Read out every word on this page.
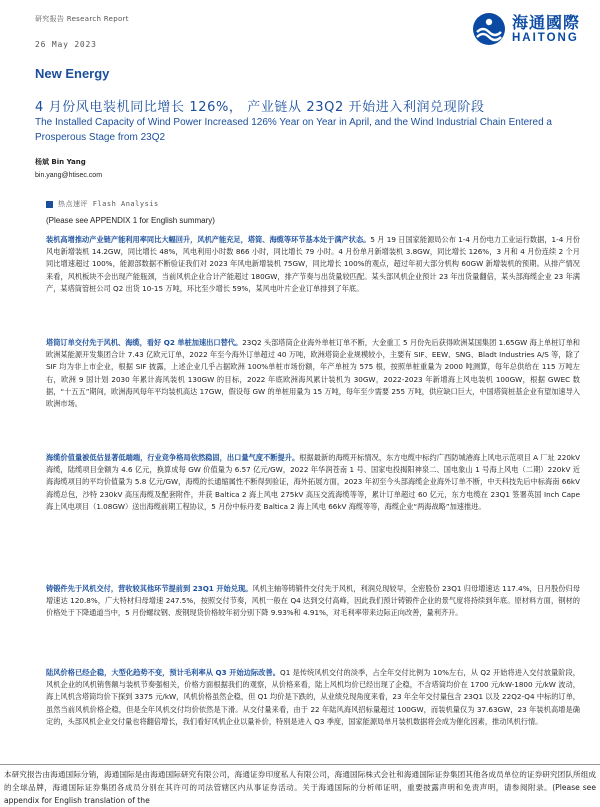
研究报告 Research Report
26 May 2023
海通國際
HAITONG
New Energy
4 月份风电装机同比增长 126%， 产业链从 23Q2 开始进入利润兑现阶段
The Installed Capacity of Wind Power Increased 126% Year on Year in April, and the Wind Industrial Chain Entered a Prosperous Stage from 23Q2
杨斌 Bin Yang
bin.yang@htisec.com
热点速评 Flash Analysis
(Please see APPENDIX 1 for English summary)
装机高增推动产业链产能利用率同比大幅回升，风机产能充足，塔筒、海缆等环节基本处于满产状态。5 月 19 日国家能源局公布 1-4 月份电力工业运行数据，1-4 月份风电新增装机 14.2GW，同比增长 48%，风电利用小时数 866 小时，同比增长 79 小时。4 月份单月新增装机 3.8GW，同比增长 126%，3 月和 4 月份连续 2 个月同比增速超过 100%，能源部数据不断验证我们对 2023 年风电新增装机 75GW，同比增长 100%的观点，超过年初大部分机构 60GW 新增装机的预期。从排产情况来看，风机板块不会出现产能瓶颈，当前风机企业合计产能超过 180GW，排产节奏与出货量较匹配。某头部风机企业预计 23 年出货量翻倍，某头部海缆企业 23 年满产，某塔筒管桩公司 Q2 出货 10-15 万吨，环比至少增长 59%，某风电叶片企业订单排到了年底。
塔筒订单交付先于风机、海缆，看好 Q2 单桩加速出口替代。23Q2 头部塔筒企业海外单桩订单不断，大金重工 5 月份先后获得欧洲某国集团 1.65GW 海上单桩订单和欧洲某能源开发集团合计 7.43 亿欧元订单，2022 年至今海外订单超过 40 万吨，欧洲塔筒企业规模较小，主要有 SIF、EEW、SNG、Bladt Industries A/S 等，除了 SIF 均为非上市企业，根据 SIF 披露，上述企业几乎占据欧洲 100%单桩市场份额，年产单桩为 575 根，按照单桩重量为 2000 吨测算，每年总供给在 115 万吨左右，欧洲 9 国计划 2030 年累计海风装机 130GW 的目标，2022 年底欧洲海风累计装机为 30GW，2022-2023 年新增海上风电装机 100GW，根据 GWEC 数据，“十五五”期间，欧洲海风每年平均装机高达 17GW，假设每 GW 的单桩用量为 15 万吨，每年至少需要 255 万吨，供应缺口巨大，中国塔筒桩基企业有望加速导入欧洲市场。
海缆价值量被低估显著低端端，行业竞争格局依然稳固，出口量气度不断提升。根据最新的海缆开标情况，东方电缆中标约广西防城港海上风电示范项目 A 厂址 220kV 海缆，陆缆项目金额为 4.6 亿元，换算成每 GW 价值量为 6.57 亿元/GW，2022 年华润苍南 1 号、国家电投揭阳神泉二、国电象山 1 号海上风电（二期）220kV 近海海缆项目的平均价值量为 5.8 亿元/GW，海缆的长通缩属性不断得到验证，海外拓展方面，2023 年初至今头部海缆企业海外订单不断，中天科技先后中标海南 66kV 海缆总包，沙特 230kV 高压海缆及配套附件，并获 Baltica 2 海上风电 275kV 高压交流海缆等等，累计订单超过 60 亿元，东方电缆在 23Q1 签署英国 Inch Cape 海上风电项目（1.08GW）送出海缆前期工程协议，5 月份中标丹麦 Baltica 2 海上风电 66kV 海缆等等，海缆企业“两海战略”加速推进。
铸锻件先于风机交付，营收较其他环节提前到 23Q1 开始兑现。风机主轴等铸锻件交付先于风机，利润兑现较早，全密股份 23Q1 归母增速达 117.4%，日月股份归母增速达 120.8%，广大特材归母增速 247.5%，按照交付节奏，风机一般在 Q4 达到交付高峰，因此我们预计铸锻件企业的景气度将持续到年底。原材料方面，钢材的价格处于下降通道当中，5 月份螺纹钢、废钢现货价格较年初分别下降 9.93%和 4.91%，对毛利率带来边际正向改善，量利齐升。
陆风价格已经企稳，大型化趋势不变，预计毛利率从 Q3 开始边际改善。Q1 是传统风机交付的淡季，占全年交付比例为 10%左右，从 Q2 开始将进入交付放量阶段，风机企业的风机销售额与装机节奏强相关，价格方面根据我们的观察，从价格来看，陆上风机均价已经出现了企稳，不含塔筒均价在 1700 元/kW-1800 元/kW 波动，海上风机含塔筒均价下探到 3375 元/kW，风机价格虽然企稳，但 Q1 均价是下跌的，从业绩兑现角度来看，23 年全年交付量包含 23Q1 以及 22Q2-Q4 中标的订单，虽然当前风机价格企稳，但是全年风机交付均价依然是下滑。从交付量来看，由于 22 年陆风海风招标量超过 100GW，而装机量仅为 37.63GW，23 年装机高增是确定的，头部风机企业交付量也将翻倍增长，我们看好风机企业以量补价，特别是进入 Q3 季度，国家能源局单月装机数据将会成为催化因素，推动风机行情。
本研究报告由海通国际分销，海通国际是由海通国际研究有限公司，海通证券印度私人有限公司，海通国际株式会社和海通国际证券集团其他各成员单位的证券研究团队所组成的全球品牌，海通国际证券集团各成员分别在其许可的司法管辖区内从事证券活动。关于海通国际的分析师证明，重要披露声明和免责声明，请参阅附录。(Please see appendix for English translation of the
